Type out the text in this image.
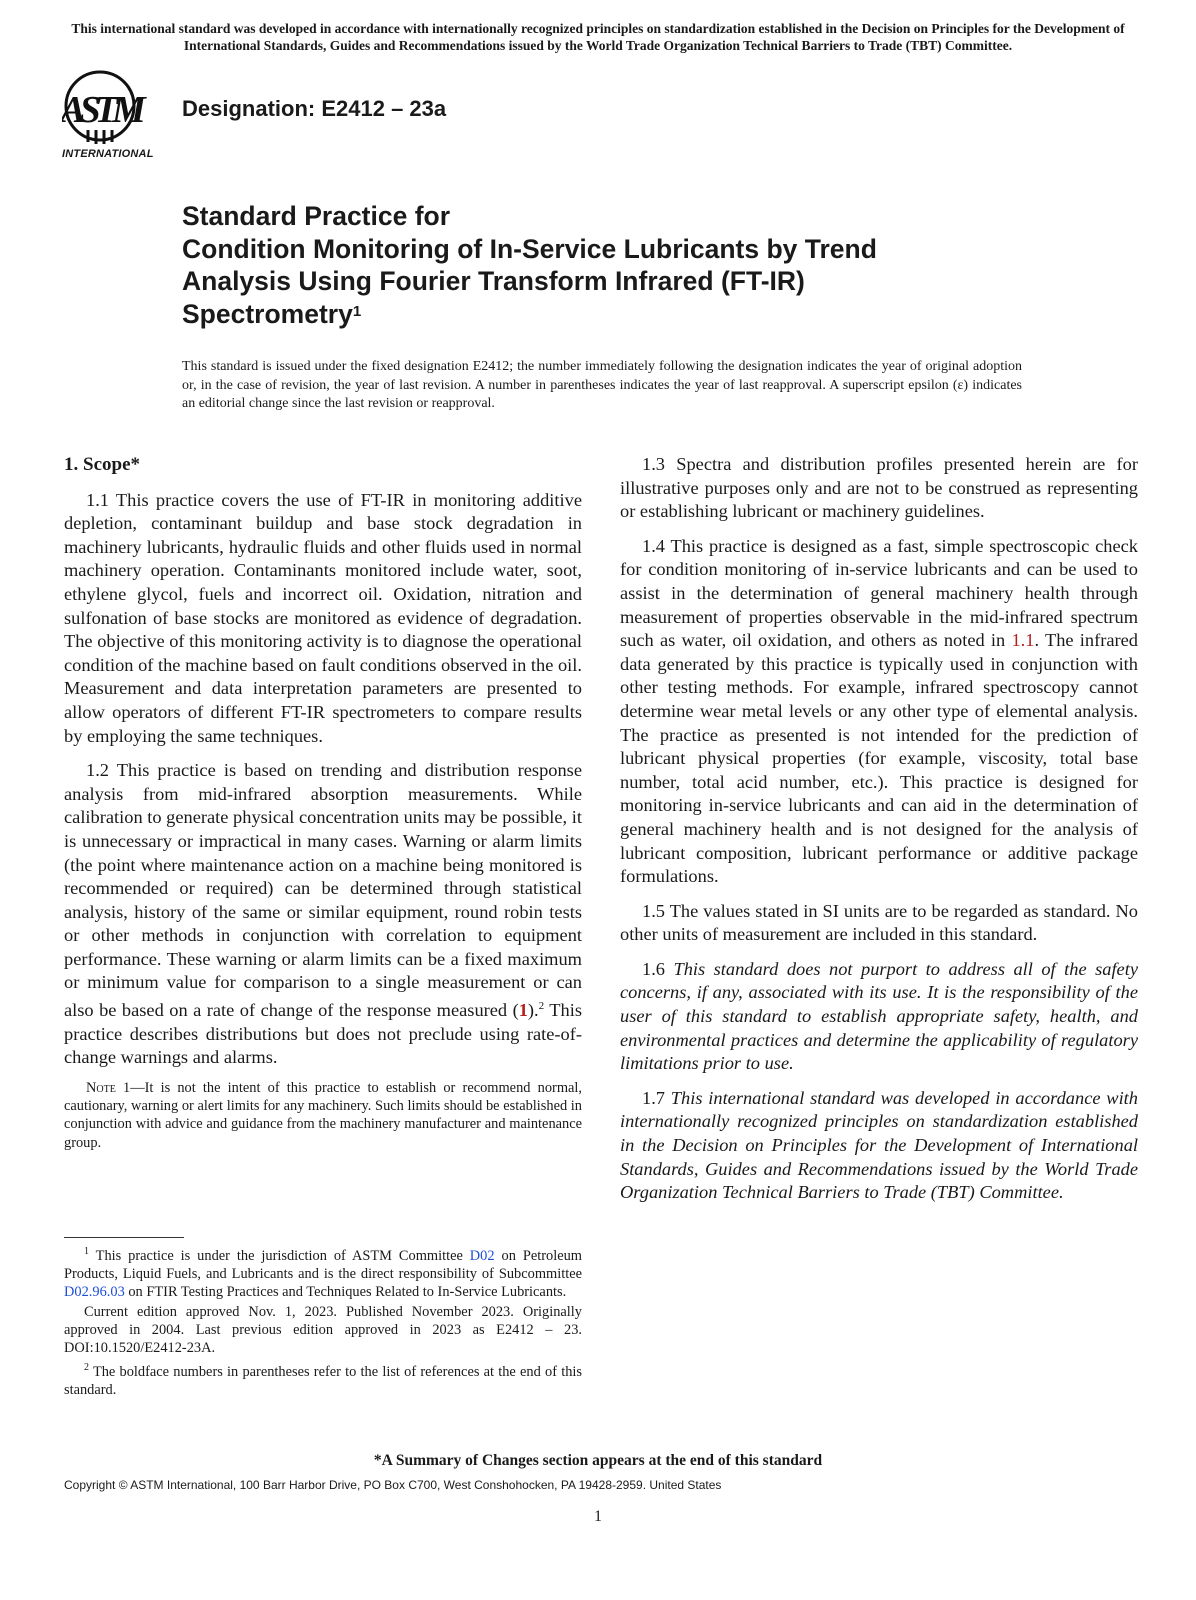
This international standard was developed in accordance with internationally recognized principles on standardization established in the Decision on Principles for the Development of International Standards, Guides and Recommendations issued by the World Trade Organization Technical Barriers to Trade (TBT) Committee.
ASTM
INTERNATIONAL
Designation: E2412 – 23a
Standard Practice for
Condition Monitoring of In-Service Lubricants by Trend
Analysis Using Fourier Transform Infrared (FT-IR)
Spectrometry$^1$
This standard is issued under the fixed designation E2412; the number immediately following the designation indicates the year of original adoption or, in the case of revision, the year of last revision. A number in parentheses indicates the year of last reapproval. A superscript epsilon (ε) indicates an editorial change since the last revision or reapproval.
1. Scope*

1.1 This practice covers the use of FT-IR in monitoring additive depletion, contaminant buildup and base stock degradation in machinery lubricants, hydraulic fluids and other fluids used in normal machinery operation. Contaminants monitored include water, soot, ethylene glycol, fuels and incorrect oil. Oxidation, nitration and sulfonation of base stocks are monitored as evidence of degradation. The objective of this monitoring activity is to diagnose the operational condition of the machine based on fault conditions observed in the oil. Measurement and data interpretation parameters are presented to allow operators of different FT-IR spectrometers to compare results by employing the same techniques.

1.2 This practice is based on trending and distribution response analysis from mid-infrared absorption measurements. While calibration to generate physical concentration units may be possible, it is unnecessary or impractical in many cases. Warning or alarm limits (the point where maintenance action on a machine being monitored is recommended or required) can be determined through statistical analysis, history of the same or similar equipment, round robin tests or other methods in conjunction with correlation to equipment performance. These warning or alarm limits can be a fixed maximum or minimum value for comparison to a single measurement or can also be based on a rate of change of the response measured (1).$^2$ This practice describes distributions but does not preclude using rate-of-change warnings and alarms.

Note 1—It is not the intent of this practice to establish or recommend normal, cautionary, warning or alert limits for any machinery. Such limits should be established in conjunction with advice and guidance from the machinery manufacturer and maintenance group.

1.3 Spectra and distribution profiles presented herein are for illustrative purposes only and are not to be construed as representing or establishing lubricant or machinery guidelines.

1.4 This practice is designed as a fast, simple spectroscopic check for condition monitoring of in-service lubricants and can be used to assist in the determination of general machinery health through measurement of properties observable in the mid-infrared spectrum such as water, oil oxidation, and others as noted in 1.1. The infrared data generated by this practice is typically used in conjunction with other testing methods. For example, infrared spectroscopy cannot determine wear metal levels or any other type of elemental analysis. The practice as presented is not intended for the prediction of lubricant physical properties (for example, viscosity, total base number, total acid number, etc.). This practice is designed for monitoring in-service lubricants and can aid in the determination of general machinery health and is not designed for the analysis of lubricant composition, lubricant performance or additive package formulations.

1.5 The values stated in SI units are to be regarded as standard. No other units of measurement are included in this standard.

1.6 This standard does not purport to address all of the safety concerns, if any, associated with its use. It is the responsibility of the user of this standard to establish appropriate safety, health, and environmental practices and determine the applicability of regulatory limitations prior to use.

1.7 This international standard was developed in accordance with internationally recognized principles on standardization established in the Decision on Principles for the Development of International Standards, Guides and Recommendations issued by the World Trade Organization Technical Barriers to Trade (TBT) Committee.

$^1$ This practice is under the jurisdiction of ASTM Committee D02 on Petroleum Products, Liquid Fuels, and Lubricants and is the direct responsibility of Subcommittee D02.96.03 on FTIR Testing Practices and Techniques Related to In-Service Lubricants.

Current edition approved Nov. 1, 2023. Published November 2023. Originally approved in 2004. Last previous edition approved in 2023 as E2412 – 23. DOI:10.1520/E2412-23A.

$^2$ The boldface numbers in parentheses refer to the list of references at the end of this standard.

*A Summary of Changes section appears at the end of this standard
Copyright © ASTM International, 100 Barr Harbor Drive, PO Box C700, West Conshohocken, PA 19428-2959. United States
1
